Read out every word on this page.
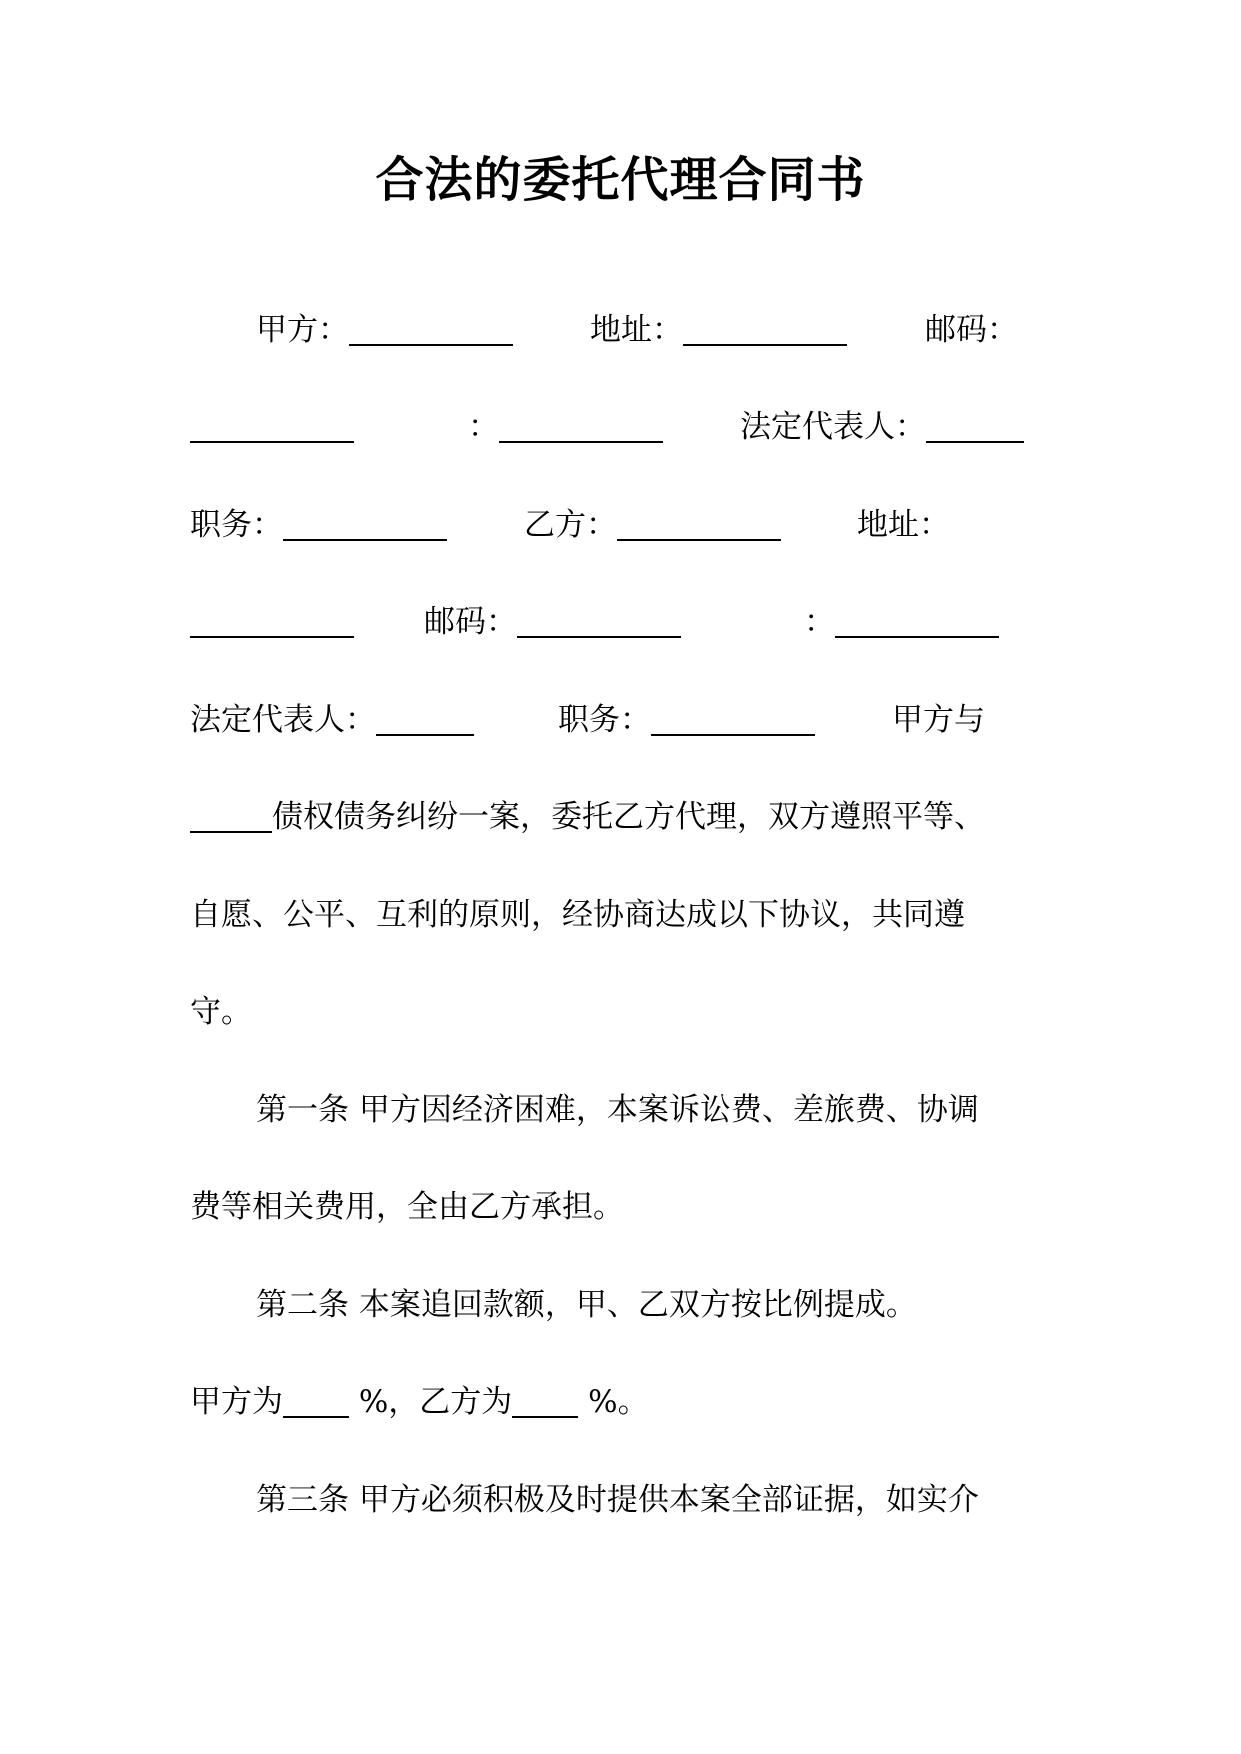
合法的委托代理合同书
甲方：	地址：	邮码：
：	法定代表人：
职务：	乙方：	地址：
邮码：	：
法定代表人：	职务：	甲方与
债权债务纠纷一案，委托乙方代理，双方遵照平等、
自愿、公平、互利的原则，经协商达成以下协议，共同遵
守。
第一条 甲方因经济困难，本案诉讼费、差旅费、协调
费等相关费用，全由乙方承担。
第二条 本案追回款额，甲、乙双方按比例提成。
甲方为 %，乙方为 %。
第三条 甲方必须积极及时提供本案全部证据，如实介
